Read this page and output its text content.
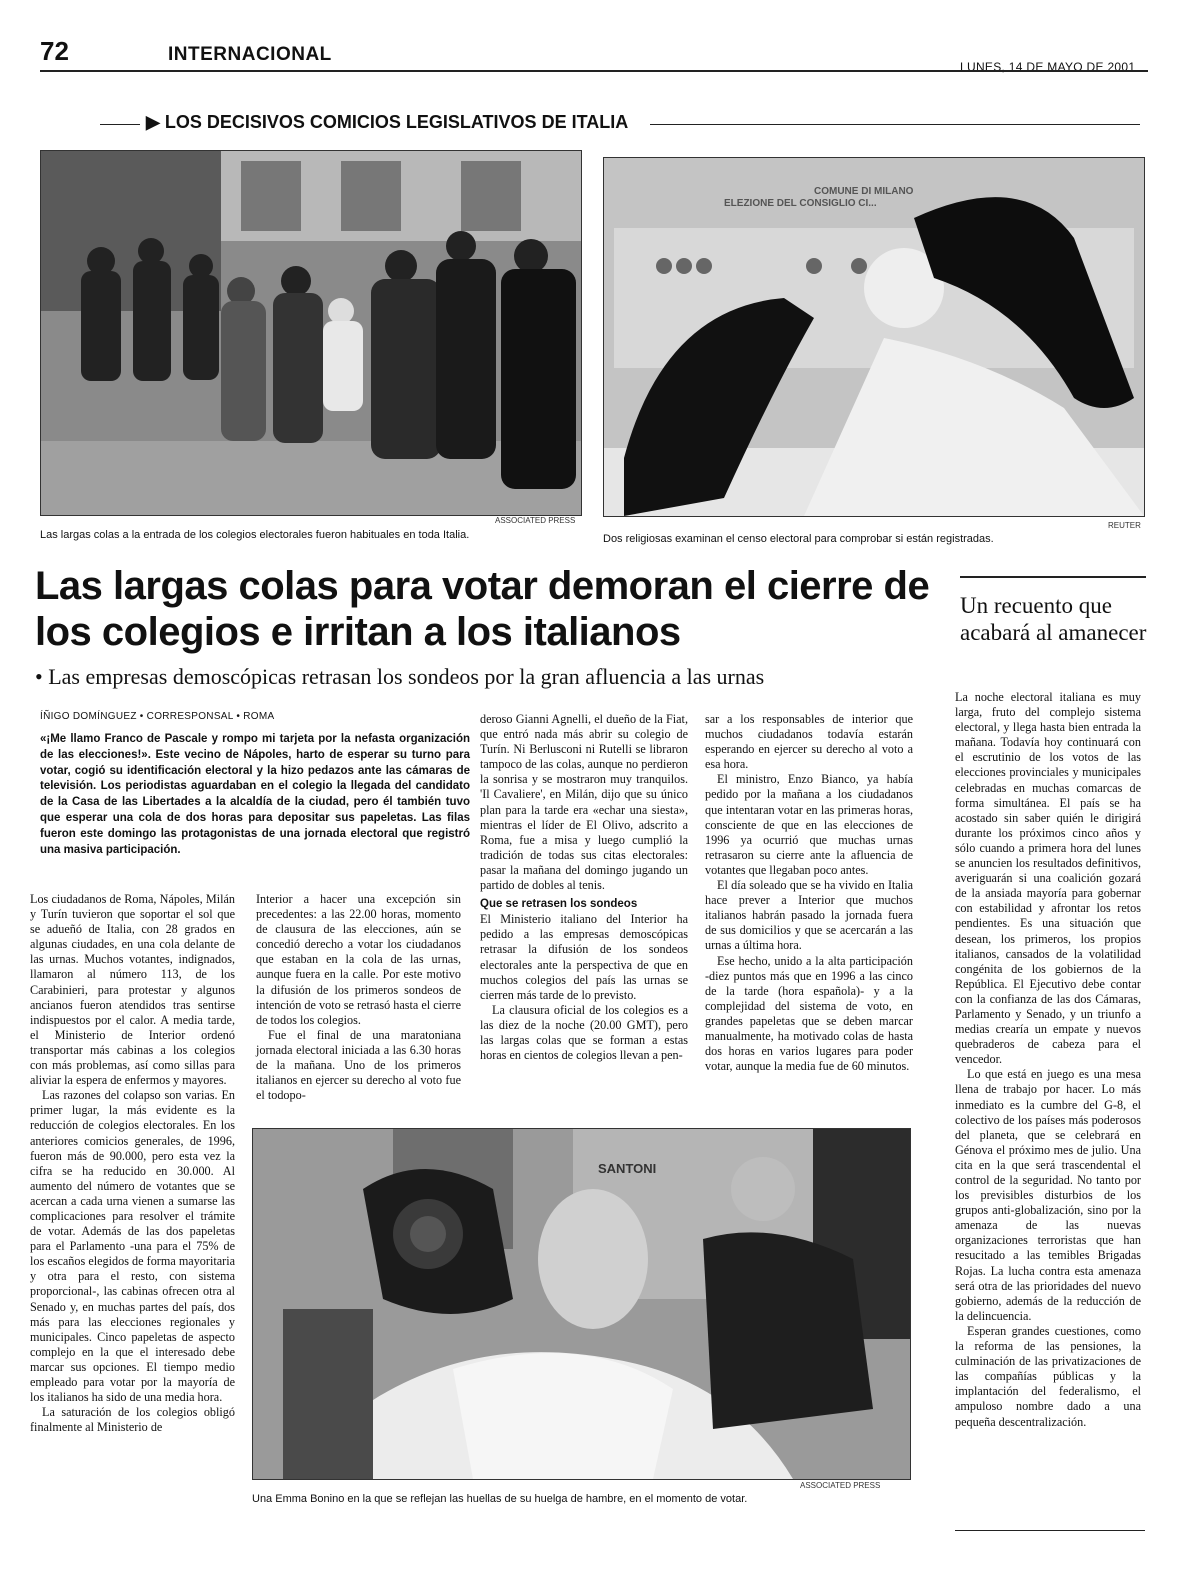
72	INTERNACIONAL
LUNES, 14 DE MAYO DE 2001
▶ LOS DECISIVOS COMICIOS LEGISLATIVOS DE ITALIA
ASSOCIATED PRESS
Las largas colas a la entrada de los colegios electorales fueron habituales en toda Italia.
COMUNE DI MILANO
ELEZIONE DEL CONSIGLIO CI...
REUTER
Dos religiosas examinan el censo electoral para comprobar si están registradas.
Las largas colas para votar demoran el cierre de los colegios e irritan a los italianos
• Las empresas demoscópicas retrasan los sondeos por la gran afluencia a las urnas
ÍÑIGO DOMÍNGUEZ • CORRESPONSAL • ROMA
«¡Me llamo Franco de Pascale y rompo mi tarjeta por la nefasta organización de las elecciones!». Este vecino de Nápoles, harto de esperar su turno para votar, cogió su identificación electoral y la hizo pedazos ante las cámaras de televisión. Los periodistas aguardaban en el colegio la llegada del candidato de la Casa de las Libertades a la alcaldía de la ciudad, pero él también tuvo que esperar una cola de dos horas para depositar sus papeletas. Las filas fueron este domingo las protagonistas de una jornada electoral que registró una masiva participación.

Los ciudadanos de Roma, Nápoles, Milán y Turín tuvieron que soportar el sol que se adueñó de Italia, con 28 grados en algunas ciudades, en una cola delante de las urnas. Muchos votantes, indignados, llamaron al número 113, de los Carabinieri, para protestar y algunos ancianos fueron atendidos tras sentirse indispuestos por el calor. A media tarde, el Ministerio de Interior ordenó transportar más cabinas a los colegios con más problemas, así como sillas para aliviar la espera de enfermos y mayores.

Las razones del colapso son varias. En primer lugar, la más evidente es la reducción de colegios electorales. En los anteriores comicios generales, de 1996, fueron más de 90.000, pero esta vez la cifra se ha reducido en 30.000. Al aumento del número de votantes que se acercan a cada urna vienen a sumarse las complicaciones para resolver el trámite de votar. Además de las dos papeletas para el Parlamento -una para el 75% de los escaños elegidos de forma mayoritaria y otra para el resto, con sistema proporcional-, las cabinas ofrecen otra al Senado y, en muchas partes del país, dos más para las elecciones regionales y municipales. Cinco papeletas de aspecto complejo en la que el interesado debe marcar sus opciones. El tiempo medio empleado para votar por la mayoría de los italianos ha sido de una media hora.

La saturación de los colegios obligó finalmente al Ministerio de

Interior a hacer una excepción sin precedentes: a las 22.00 horas, momento de clausura de las elecciones, aún se concedió derecho a votar los ciudadanos que estaban en la cola de las urnas, aunque fuera en la calle. Por este motivo la difusión de los primeros sondeos de intención de voto se retrasó hasta el cierre de todos los colegios.

Fue el final de una maratoniana jornada electoral iniciada a las 6.30 horas de la mañana. Uno de los primeros italianos en ejercer su derecho al voto fue el todopo-

deroso Gianni Agnelli, el dueño de la Fiat, que entró nada más abrir su colegio de Turín. Ni Berlusconi ni Rutelli se libraron tampoco de las colas, aunque no perdieron la sonrisa y se mostraron muy tranquilos. 'Il Cavaliere', en Milán, dijo que su único plan para la tarde era «echar una siesta», mientras el líder de El Olivo, adscrito a Roma, fue a misa y luego cumplió la tradición de todas sus citas electorales: pasar la mañana del domingo jugando un partido de dobles al tenis.

Que se retrasen los sondeos

El Ministerio italiano del Interior ha pedido a las empresas demoscópicas retrasar la difusión de los sondeos electorales ante la perspectiva de que en muchos colegios del país las urnas se cierren más tarde de lo previsto.

La clausura oficial de los colegios es a las diez de la noche (20.00 GMT), pero las largas colas que se forman a estas horas en cientos de colegios llevan a pen-

sar a los responsables de interior que muchos ciudadanos todavía estarán esperando en ejercer su derecho al voto a esa hora.

El ministro, Enzo Bianco, ya había pedido por la mañana a los ciudadanos que intentaran votar en las primeras horas, consciente de que en las elecciones de 1996 ya ocurrió que muchas urnas retrasaron su cierre ante la afluencia de votantes que llegaban poco antes.

El día soleado que se ha vivido en Italia hace prever a Interior que muchos italianos habrán pasado la jornada fuera de sus domicilios y que se acercarán a las urnas a última hora.

Ese hecho, unido a la alta participación -diez puntos más que en 1996 a las cinco de la tarde (hora española)- y a la complejidad del sistema de voto, en grandes papeletas que se deben marcar manualmente, ha motivado colas de hasta dos horas en varios lugares para poder votar, aunque la media fue de 60 minutos.

SANTONI
ASSOCIATED PRESS
Una Emma Bonino en la que se reflejan las huellas de su huelga de hambre, en el momento de votar.
Un recuento que acabará al amanecer

La noche electoral italiana es muy larga, fruto del complejo sistema electoral, y llega hasta bien entrada la mañana. Todavía hoy continuará con el escrutinio de los votos de las elecciones provinciales y municipales celebradas en muchas comarcas de forma simultánea. El país se ha acostado sin saber quién le dirigirá durante los próximos cinco años y sólo cuando a primera hora del lunes se anuncien los resultados definitivos, averiguarán si una coalición gozará de la ansiada mayoría para gobernar con estabilidad y afrontar los retos pendientes. Es una situación que desean, los primeros, los propios italianos, cansados de la volatilidad congénita de los gobiernos de la República. El Ejecutivo debe contar con la confianza de las dos Cámaras, Parlamento y Senado, y un triunfo a medias crearía un empate y nuevos quebraderos de cabeza para el vencedor.

Lo que está en juego es una mesa llena de trabajo por hacer. Lo más inmediato es la cumbre del G-8, el colectivo de los países más poderosos del planeta, que se celebrará en Génova el próximo mes de julio. Una cita en la que será trascendental el control de la seguridad. No tanto por los previsibles disturbios de los grupos anti-globalización, sino por la amenaza de las nuevas organizaciones terroristas que han resucitado a las temibles Brigadas Rojas. La lucha contra esta amenaza será otra de las prioridades del nuevo gobierno, además de la reducción de la delincuencia.

Esperan grandes cuestiones, como la reforma de las pensiones, la culminación de las privatizaciones de las compañías públicas y la implantación del federalismo, el ampuloso nombre dado a una pequeña descentralización.
